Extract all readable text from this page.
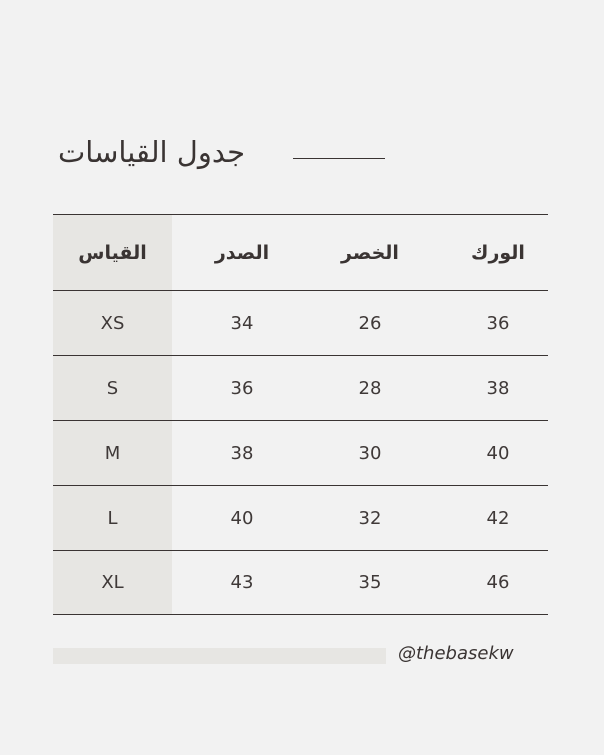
جدول القياسات
القياس	الصدر	الخصر	الورك
XS	34	26	36
S	36	28	38
M	38	30	40
L	40	32	42
XL	43	35	46
@thebasekw
